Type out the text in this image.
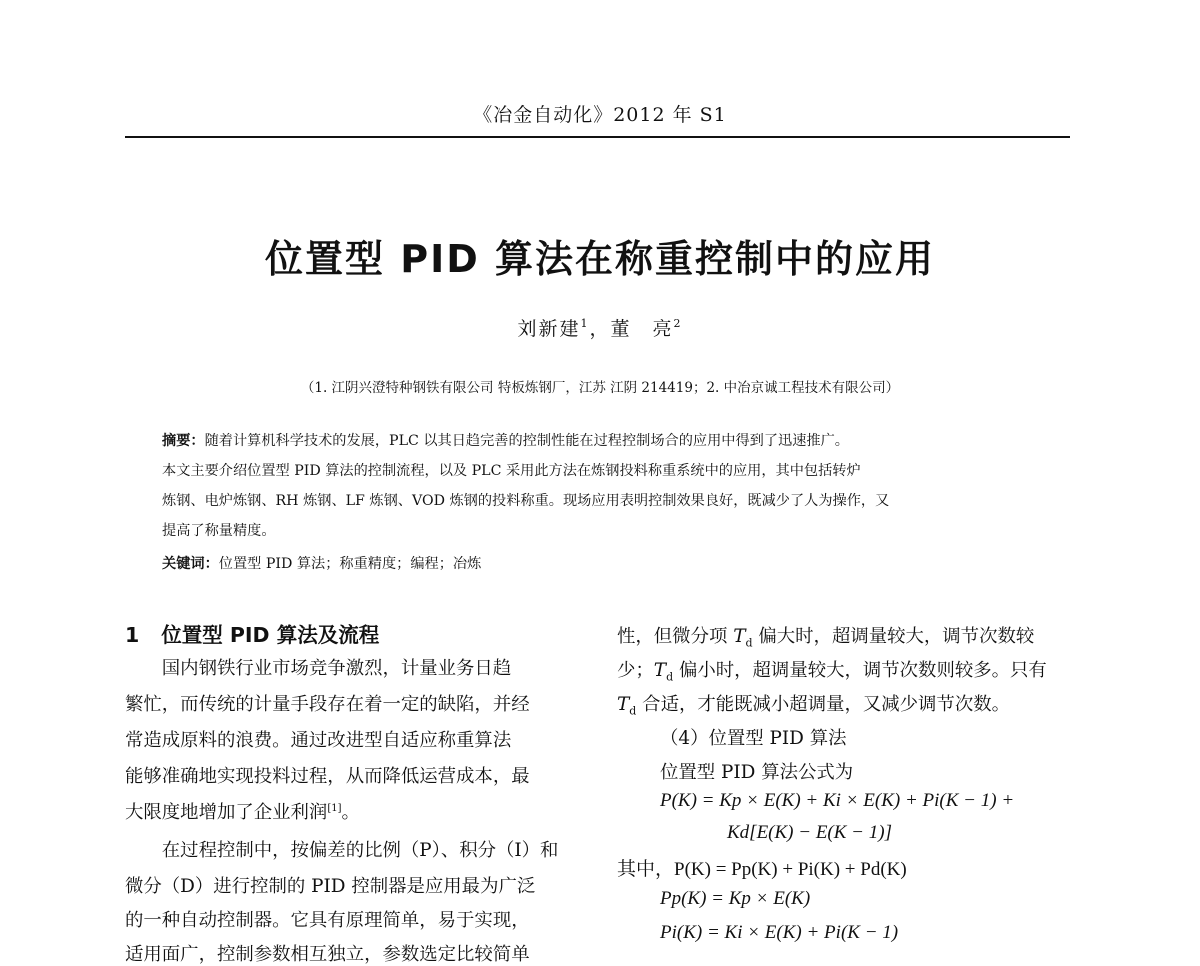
《冶金自动化》2012 年 S1
位置型 PID 算法在称重控制中的应用
刘新建$^1$，董　亮$^2$
（1. 江阴兴澄特种钢铁有限公司 特板炼钢厂，江苏 江阴 214419；2. 中冶京诚工程技术有限公司）
摘要：随着计算机科学技术的发展，PLC 以其日趋完善的控制性能在过程控制场合的应用中得到了迅速推广。
本文主要介绍位置型 PID 算法的控制流程，以及 PLC 采用此方法在炼钢投料称重系统中的应用，其中包括转炉
炼钢、电炉炼钢、RH 炼钢、LF 炼钢、VOD 炼钢的投料称重。现场应用表明控制效果良好，既减少了人为操作，又
提高了称量精度。
关键词：位置型 PID 算法；称重精度；编程；冶炼
1 位置型 PID 算法及流程
　　国内钢铁行业市场竞争激烈，计量业务日趋
繁忙，而传统的计量手段存在着一定的缺陷，并经
常造成原料的浪费。通过改进型自适应称重算法
能够准确地实现投料过程，从而降低运营成本，最
大限度地增加了企业利润[1]。
　　在过程控制中，按偏差的比例（P）、积分（I）和
微分（D）进行控制的 PID 控制器是应用最为广泛
的一种自动控制器。它具有原理简单，易于实现，
适用面广，控制参数相互独立，参数选定比较简单
性，但微分项 $T_d$ 偏大时，超调量较大，调节次数较
少；$T_d$ 偏小时，超调量较大，调节次数则较多。只有
$T_d$ 合适，才能既减小超调量，又减少调节次数。
（4）位置型 PID 算法
位置型 PID 算法公式为
P(K) = Kp × E(K) + Ki × E(K) + Pi(K − 1) +
Kd[E(K) − E(K − 1)]
其中，P(K) = Pp(K) + Pi(K) + Pd(K)
Pp(K) = Kp × E(K)
Pi(K) = Ki × E(K) + Pi(K − 1)
